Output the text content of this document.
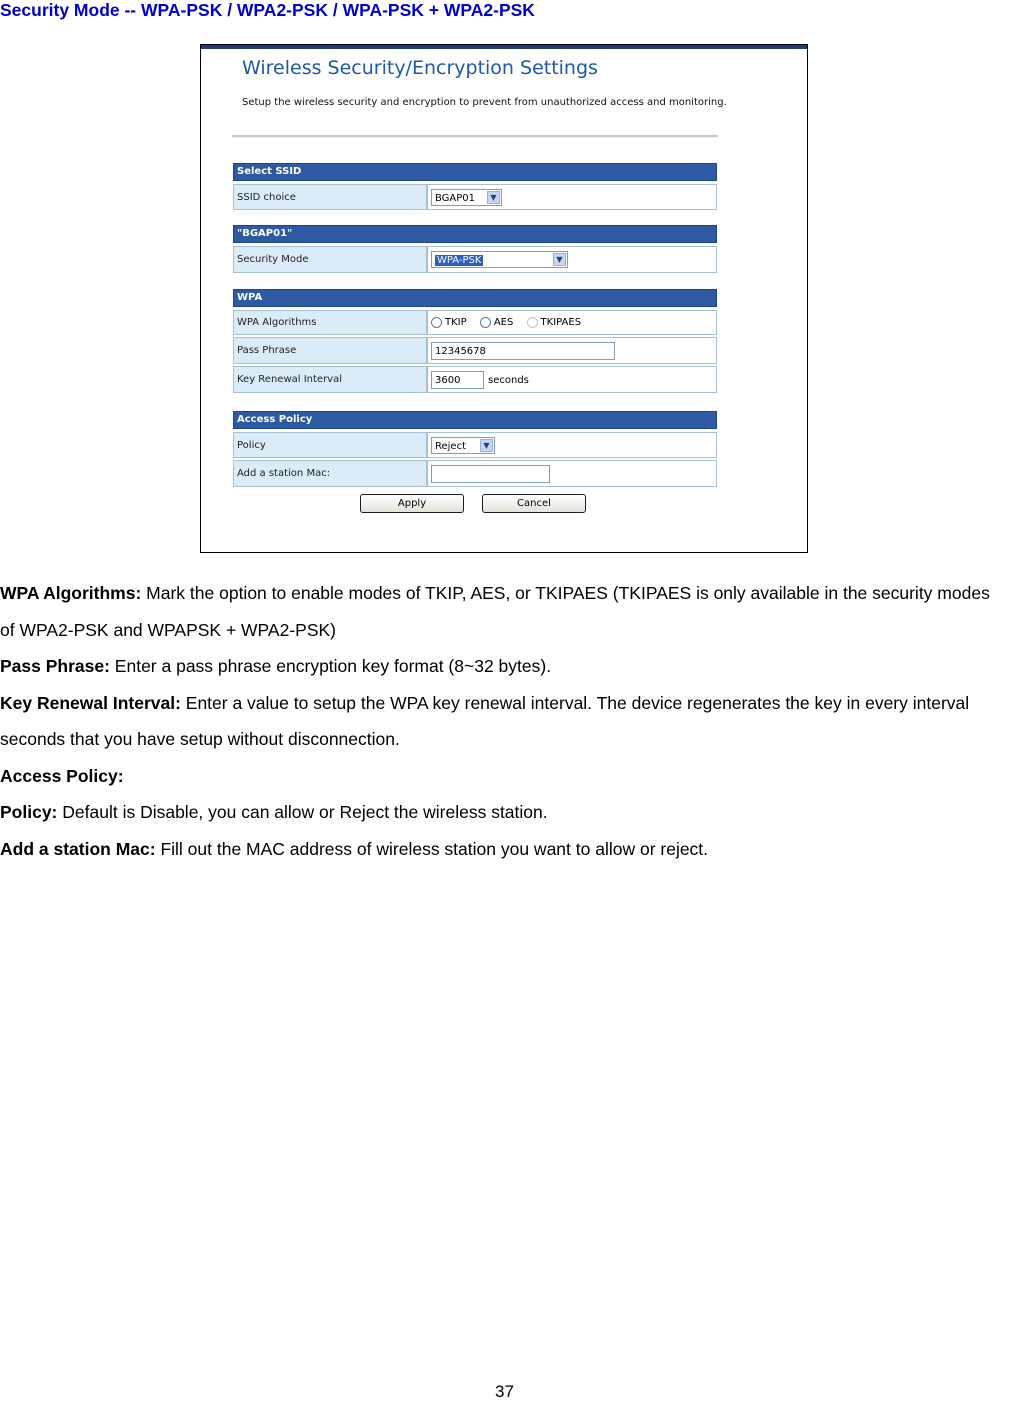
Security Mode -- WPA-PSK / WPA2-PSK / WPA-PSK + WPA2-PSK
Wireless Security/Encryption Settings
Setup the wireless security and encryption to prevent from unauthorized access and monitoring.
Select SSID
SSID choice	BGAP01	▼
"BGAP01"
Security Mode	WPA-PSK	▼
WPA
WPA Algorithms	TKIP AES TKIPAES
Pass Phrase	12345678
Key Renewal Interval	3600 seconds
Access Policy
Policy	Reject ▼

Add a station Mac:	
Apply	Cancel

WPA Algorithms: Mark the option to enable modes of TKIP, AES, or TKIPAES (TKIPAES is only available in the security modes of WPA2-PSK and WPAPSK + WPA2-PSK)

Pass Phrase: Enter a pass phrase encryption key format (8~32 bytes).

Key Renewal Interval: Enter a value to setup the WPA key renewal interval. The device regenerates the key in every interval seconds that you have setup without disconnection.

Access Policy:

Policy: Default is Disable, you can allow or Reject the wireless station.

Add a station Mac: Fill out the MAC address of wireless station you want to allow or reject.

37
